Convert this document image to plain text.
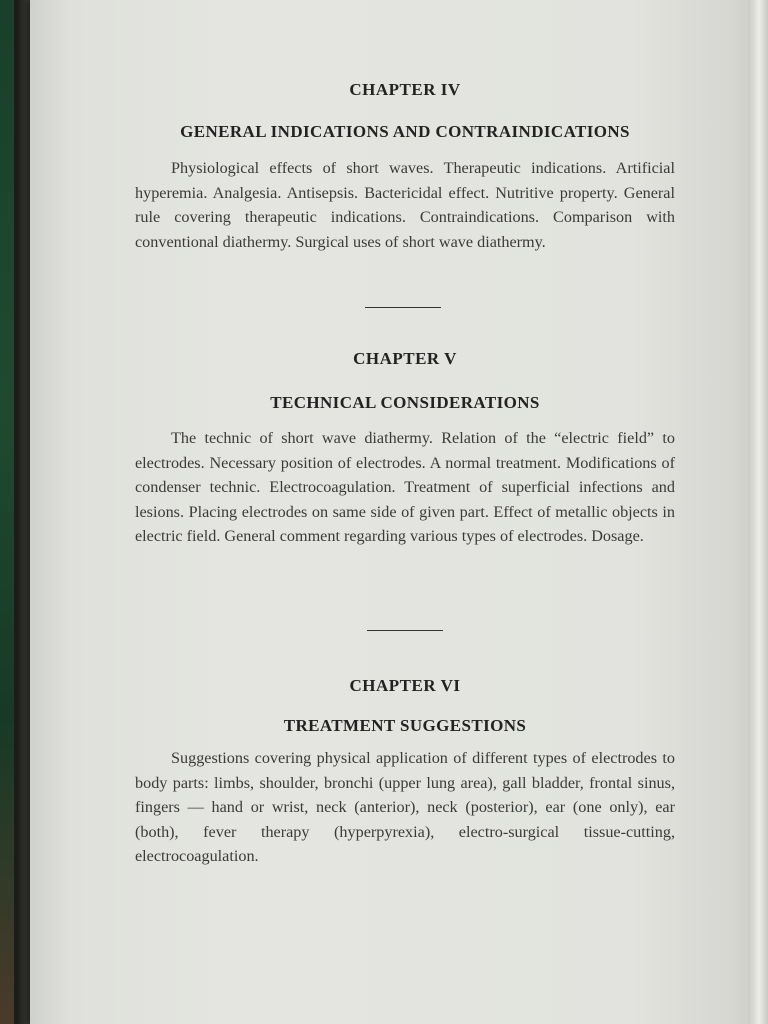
CHAPTER IV
GENERAL INDICATIONS AND CONTRAINDICATIONS
Physiological effects of short waves. Therapeutic indications. Artificial hyperemia. Analgesia. Antisepsis. Bactericidal effect. Nutritive property. General rule covering therapeutic indications. Contraindications. Comparison with conventional diathermy. Surgical uses of short wave diathermy.
CHAPTER V
TECHNICAL CONSIDERATIONS
The technic of short wave diathermy. Relation of the “electric field” to electrodes. Necessary position of electrodes. A normal treatment. Modifications of condenser technic. Electrocoagulation. Treatment of superficial infections and lesions. Placing electrodes on same side of given part. Effect of metallic objects in electric field. General comment regarding various types of electrodes. Dosage.
CHAPTER VI
TREATMENT SUGGESTIONS
Suggestions covering physical application of different types of electrodes to body parts: limbs, shoulder, bronchi (upper lung area), gall bladder, frontal sinus, fingers — hand or wrist, neck (anterior), neck (posterior), ear (one only), ear (both), fever therapy (hyperpyrexia), electro-surgical tissue-cutting, electrocoagulation.
